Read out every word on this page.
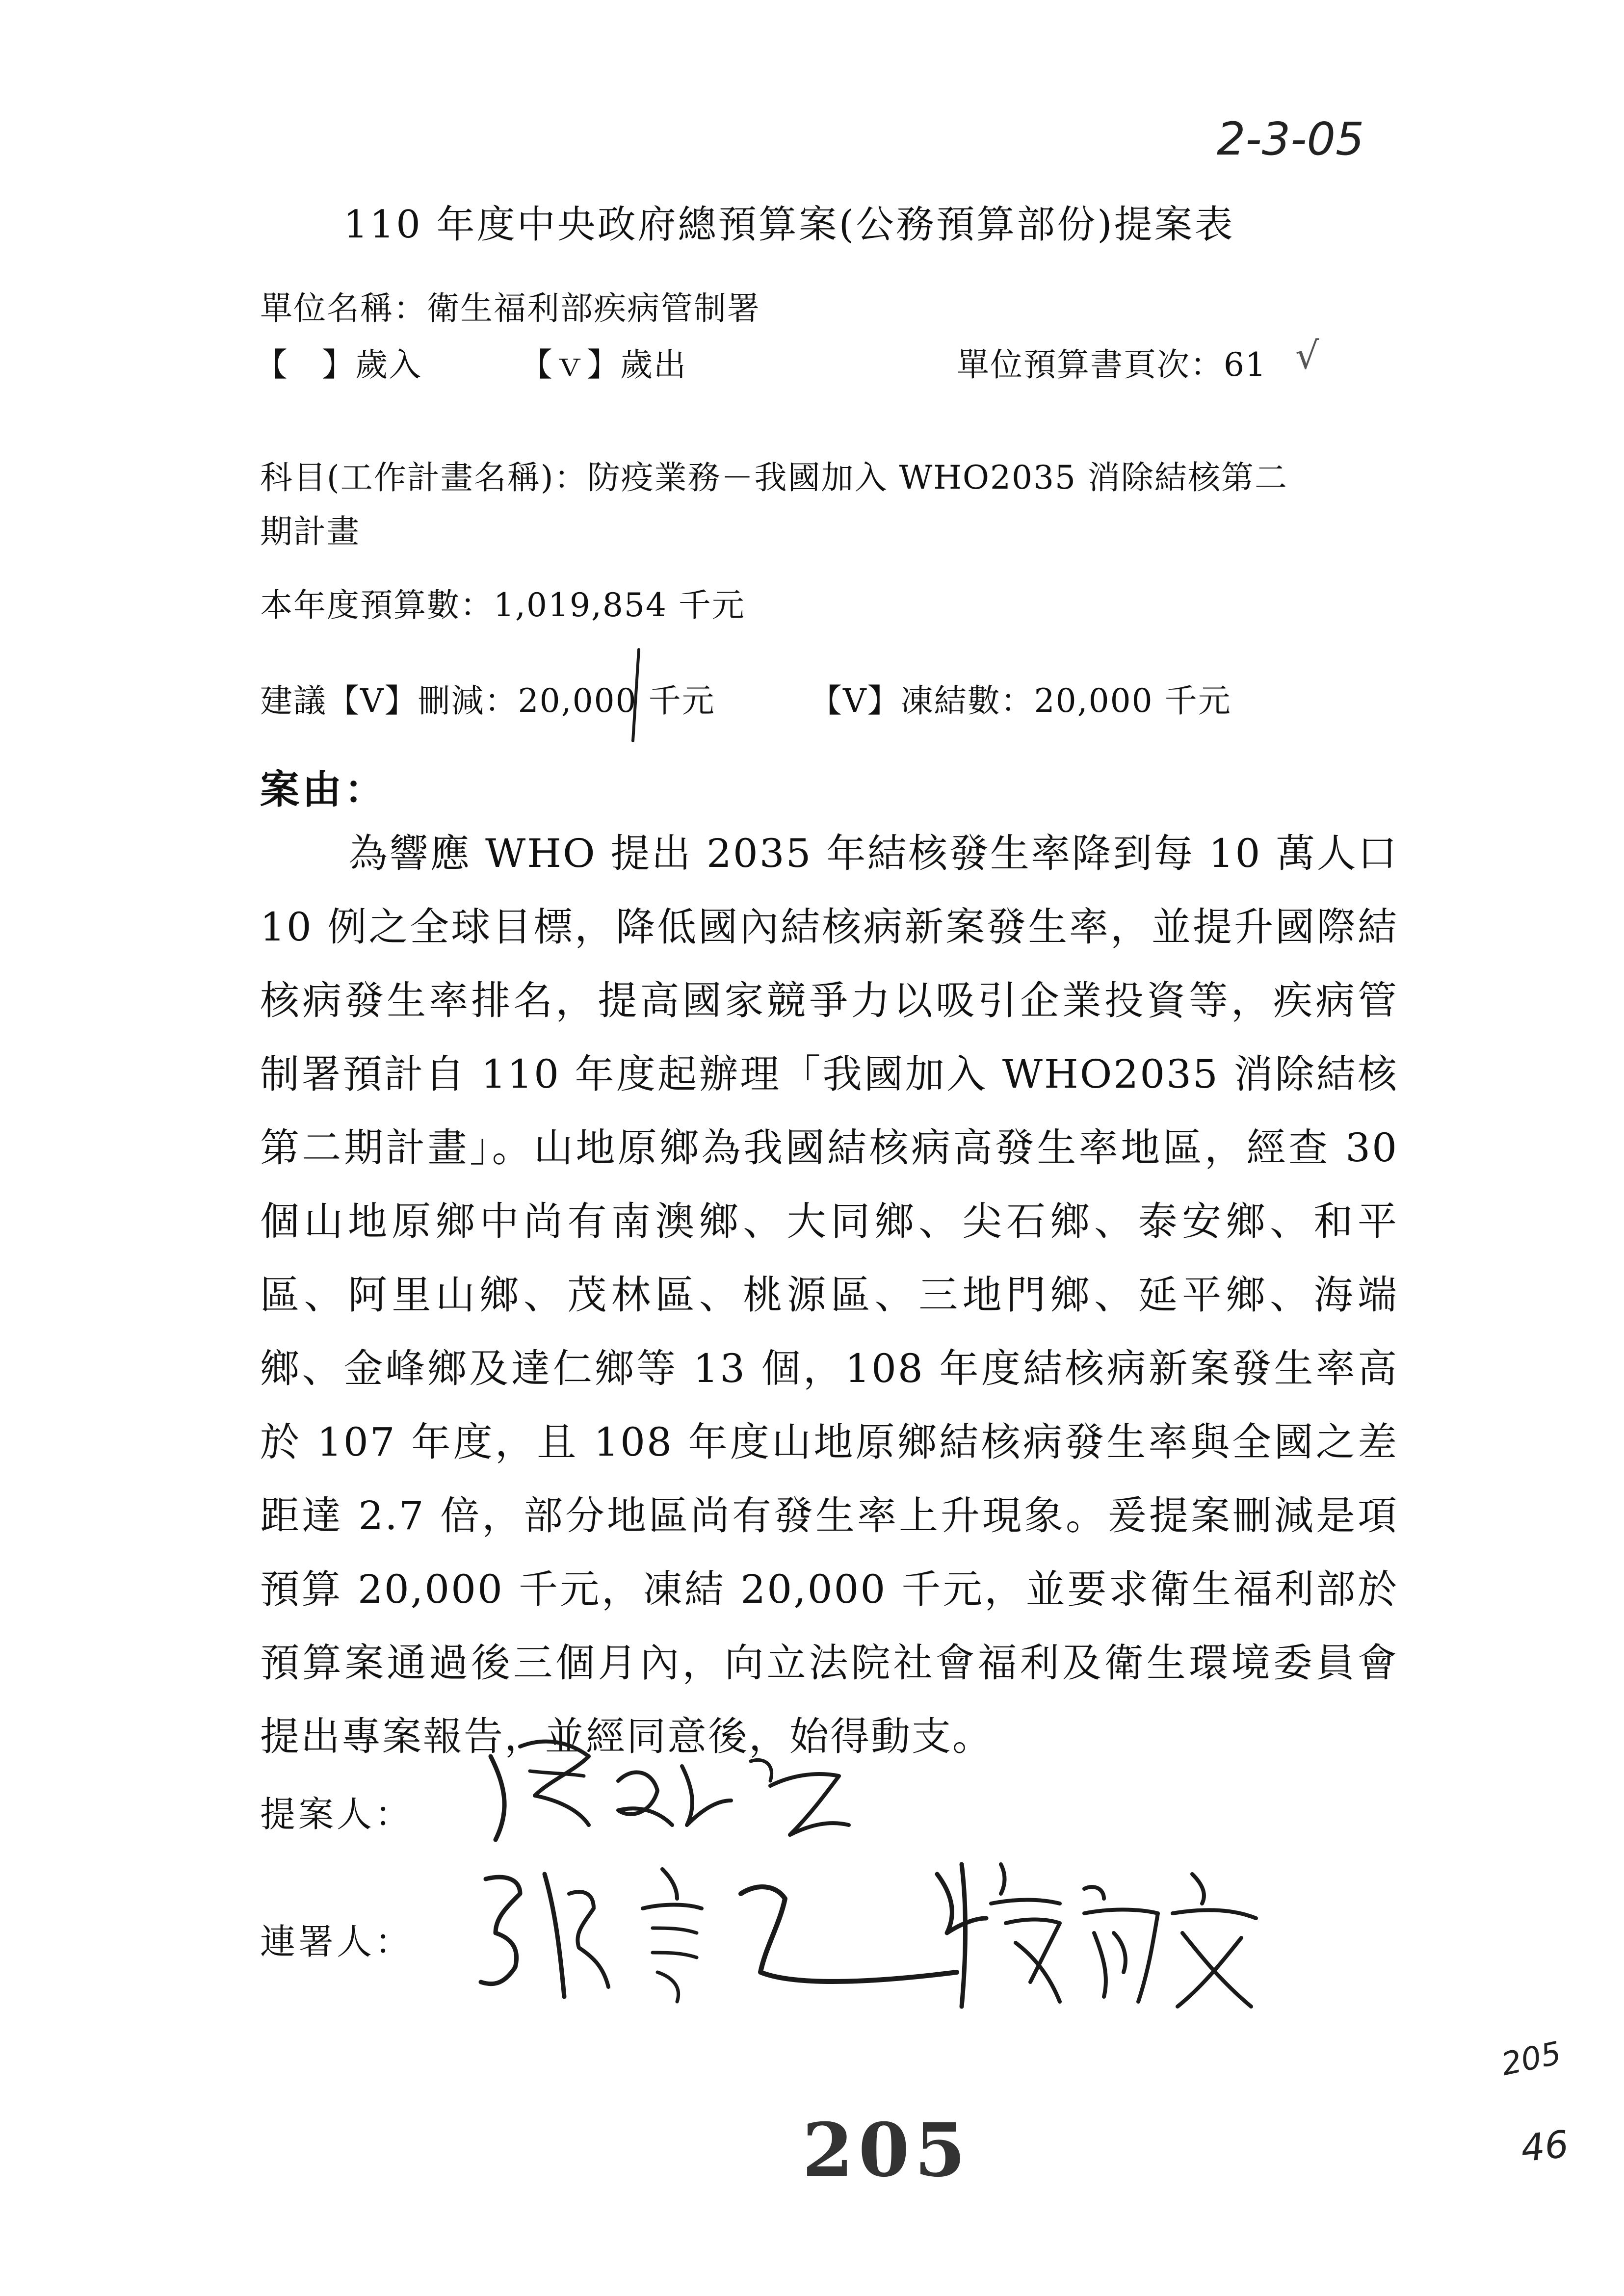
2-3-05
110 年度中央政府總預算案(公務預算部份)提案表
單位名稱：衛生福利部疾病管制署
【　】歲入	【ｖ】歲出	單位預算書頁次：61 √
科目(工作計畫名稱)：防疫業務－我國加入 WHO2035 消除結核第二
期計畫
本年度預算數：1,019,854 千元
建議【V】刪減：20,000 千元	【V】凍結數：20,000 千元
案由：
為響應 WHO 提出 2035 年結核發生率降到每 10 萬人口 10 例之全球目標，降低國內結核病新案發生率，並提升國際結核病發生率排名，提高國家競爭力以吸引企業投資等，疾病管制署預計自 110 年度起辦理「我國加入 WHO2035 消除結核第二期計畫」。山地原鄉為我國結核病高發生率地區，經查 30 個山地原鄉中尚有南澳鄉、大同鄉、尖石鄉、泰安鄉、和平區、阿里山鄉、茂林區、桃源區、三地門鄉、延平鄉、海端鄉、金峰鄉及達仁鄉等 13 個，108 年度結核病新案發生率高於 107 年度，且 108 年度山地原鄉結核病發生率與全國之差距達 2.7 倍，部分地區尚有發生率上升現象。爰提案刪減是項預算 20,000 千元，凍結 20,000 千元，並要求衛生福利部於預算案通過後三個月內，向立法院社會福利及衛生環境委員會提出專案報告，並經同意後，始得動支。
提案人：
連署人：
205
205
46
